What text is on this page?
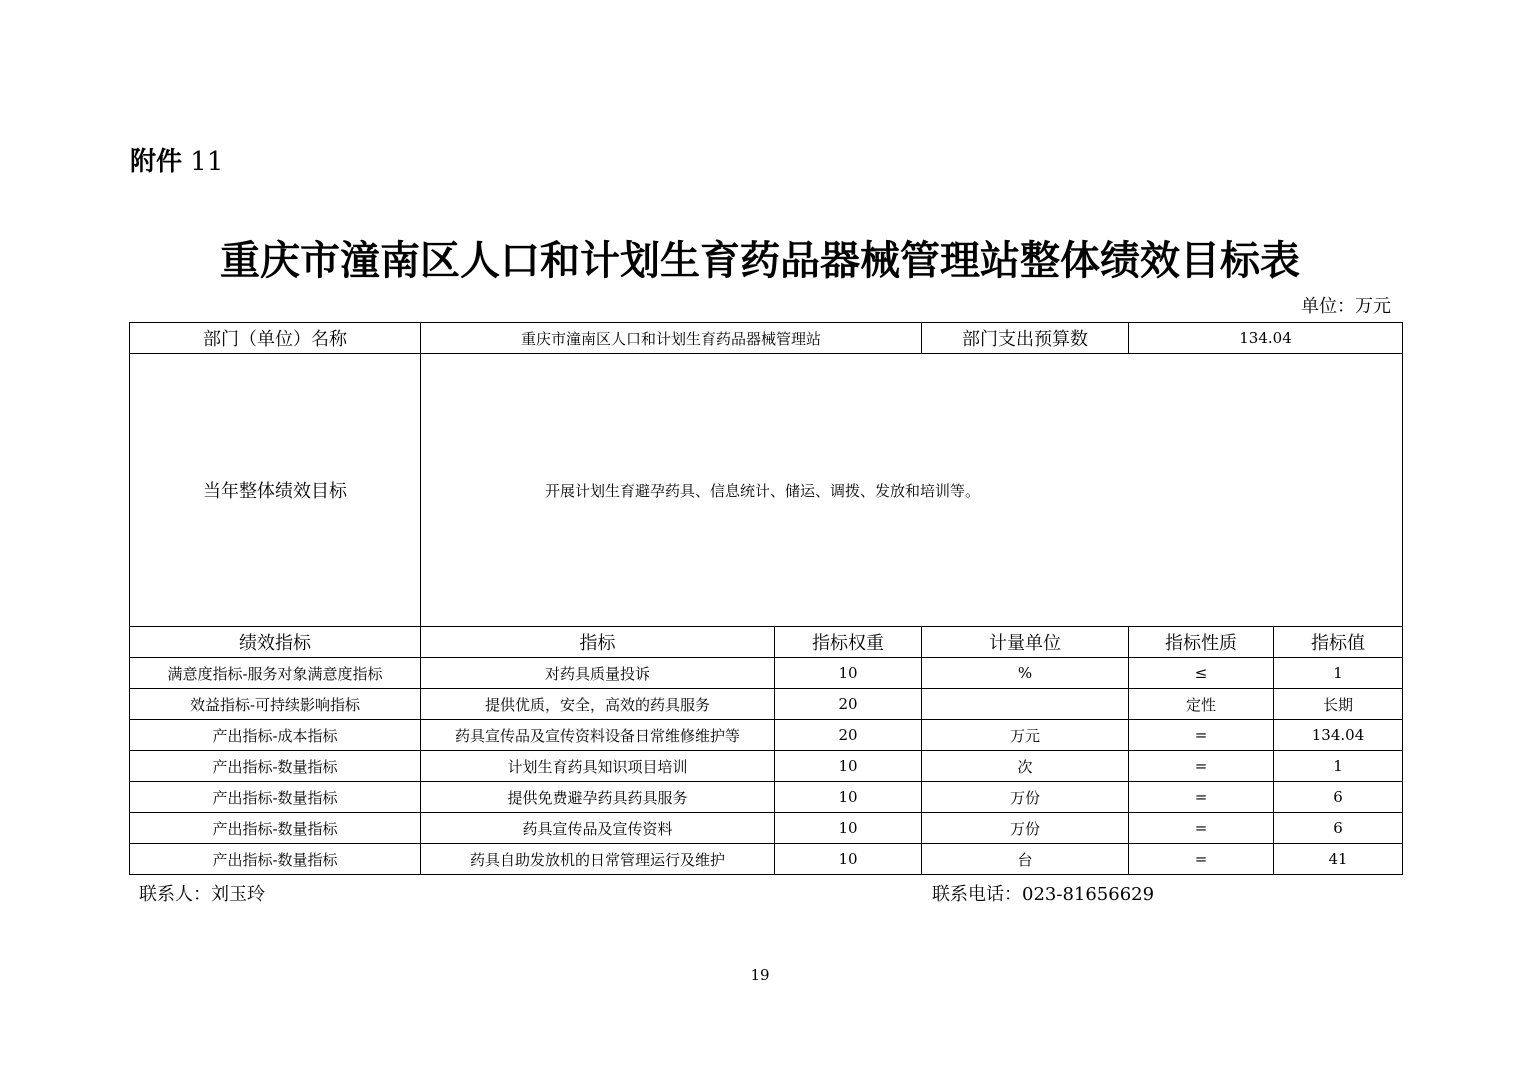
附件 11
重庆市潼南区人口和计划生育药品器械管理站整体绩效目标表
单位：万元
部门（单位）名称	重庆市潼南区人口和计划生育药品器械管理站		部门支出预算数	134.04	
当年整体绩效目标	开展计划生育避孕药具、信息统计、储运、调拨、发放和培训等。				
绩效指标	指标	指标权重	计量单位	指标性质	指标值
满意度指标-服务对象满意度指标	对药具质量投诉	10	%	≤	1
效益指标-可持续影响指标	提供优质，安全，高效的药具服务	20		定性	长期
产出指标-成本指标	药具宣传品及宣传资料设备日常维修维护等	20	万元	=	134.04
产出指标-数量指标	计划生育药具知识项目培训	10	次	=	1
产出指标-数量指标	提供免费避孕药具药具服务	10	万份	=	6
产出指标-数量指标	药具宣传品及宣传资料	10	万份	=	6
产出指标-数量指标	药具自助发放机的日常管理运行及维护	10	台	=	41
联系人：刘玉玲	联系电话：023-81656629
19
